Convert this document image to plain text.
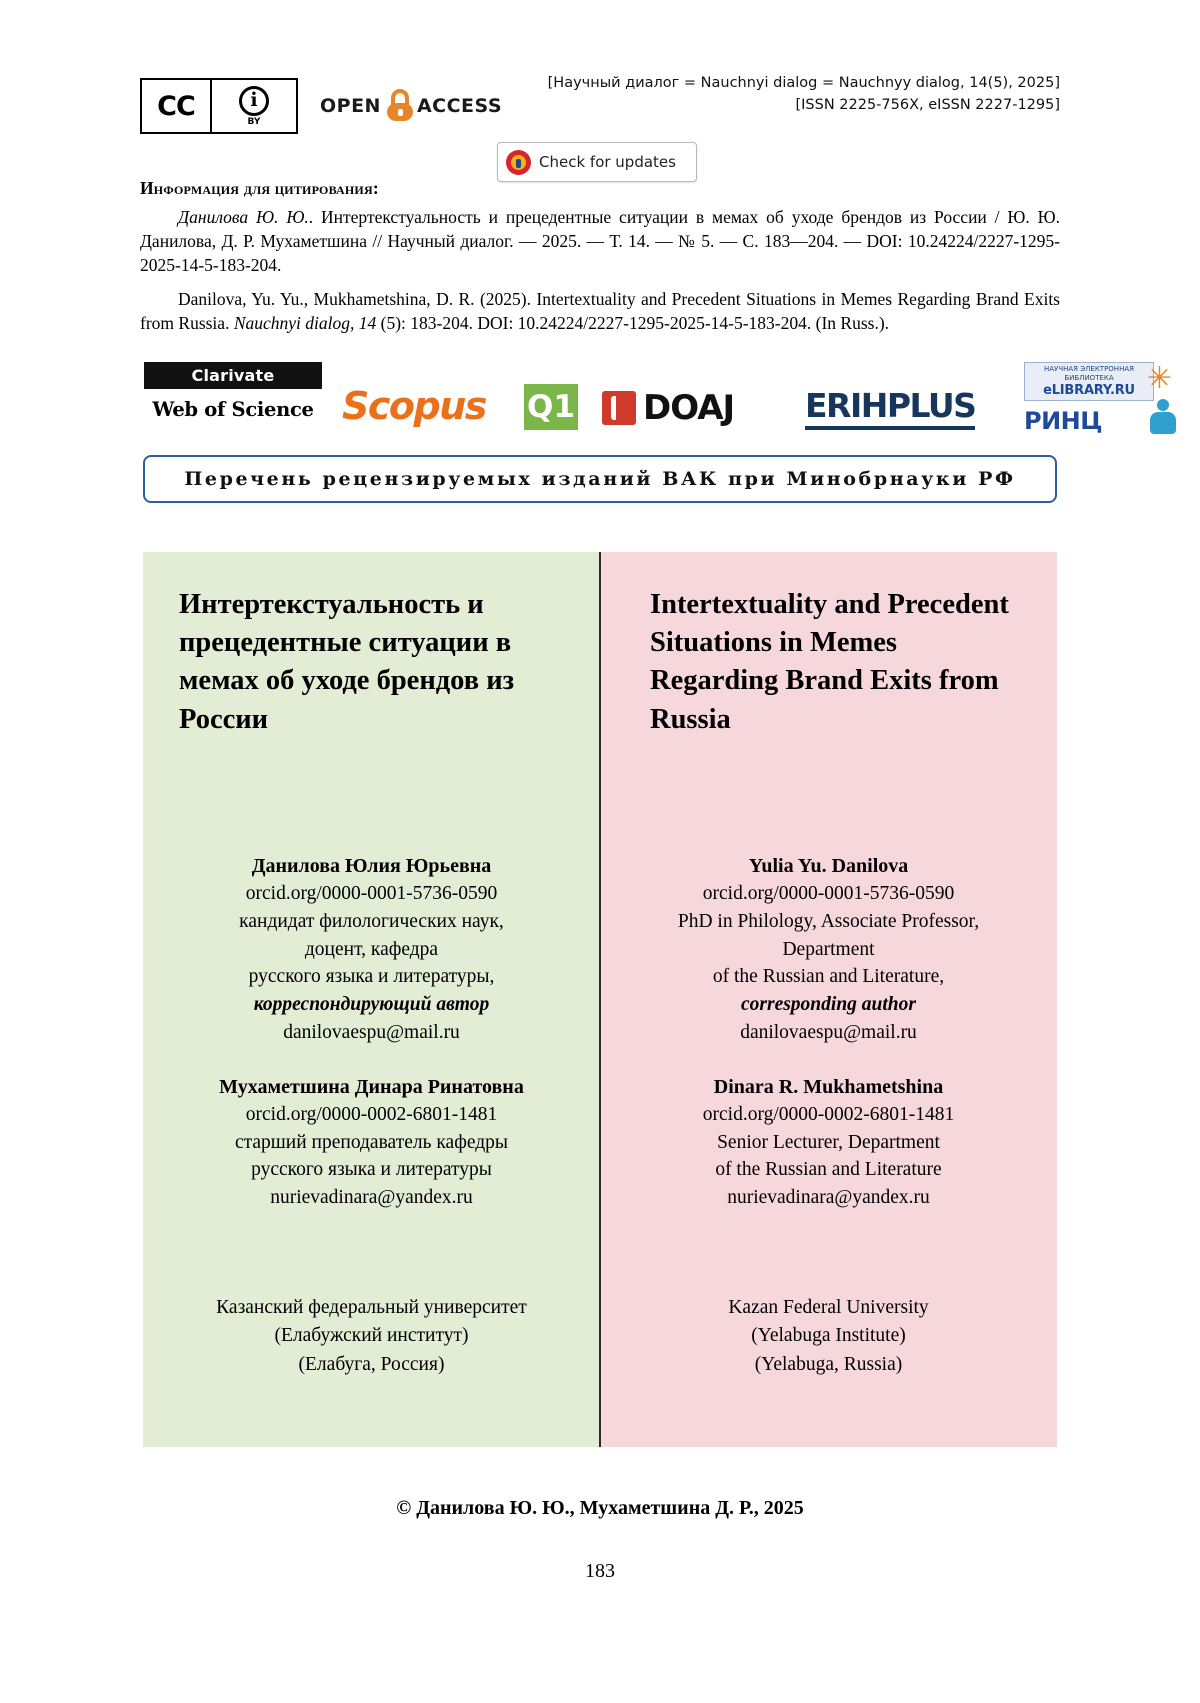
CC	i
BY
OPEN ACCESS
[Научный диалог = Nauchnyi dialog = Nauchnyy dialog, 14(5), 2025]
[ISSN 2225-756X, eISSN 2227-1295]
Check for updates
Информация для цитирования:
Данилова Ю. Ю.. Интертекстуальность и прецедентные ситуации в мемах об уходе брендов из России / Ю. Ю. Данилова, Д. Р. Мухаметшина // Научный диалог. — 2025. — Т. 14. — № 5. — С. 183—204. — DOI: 10.24224/2227-1295-2025-14-5-183-204.
Danilova, Yu. Yu., Mukhametshina, D. R. (2025). Intertextuality and Precedent Situations in Memes Regarding Brand Exits from Russia. Nauchnyi dialog, 14 (5): 183-204. DOI: 10.24224/2227-1295-2025-14-5-183-204. (In Russ.).
Clarivate
Web of Science Scopus Q1 DOAJ ERIHPLUS
НАУЧНАЯ ЭЛЕКТРОННАЯ БИБЛИОТЕКА
eLIBRARY.RU
РИНЦ
✳
Перечень рецензируемых изданий ВАК при Минобрнауки РФ
Интертекстуальность и прецедентные ситуации в мемах об уходе брендов из России
Данилова Юлия Юрьевна
orcid.org/0000-0001-5736-0590
кандидат филологических наук,
доцент, кафедра
русского языка и литературы,
корреспондирующий автор
danilovaespu@mail.ru
Мухаметшина Динара Ринатовна
orcid.org/0000-0002-6801-1481
старший преподаватель кафедры
русского языка и литературы
nurievadinara@yandex.ru
Казанский федеральный университет
(Елабужский институт)
(Елабуга, Россия)
Intertextuality and Precedent Situations in Memes Regarding Brand Exits from Russia
Yulia Yu. Danilova
orcid.org/0000-0001-5736-0590
PhD in Philology, Associate Professor,
Department
of the Russian and Literature,
corresponding author
danilovaespu@mail.ru
Dinara R. Mukhametshina
orcid.org/0000-0002-6801-1481
Senior Lecturer, Department
of the Russian and Literature
nurievadinara@yandex.ru
Kazan Federal University
(Yelabuga Institute)
(Yelabuga, Russia)
© Данилова Ю. Ю., Мухаметшина Д. Р., 2025
183
